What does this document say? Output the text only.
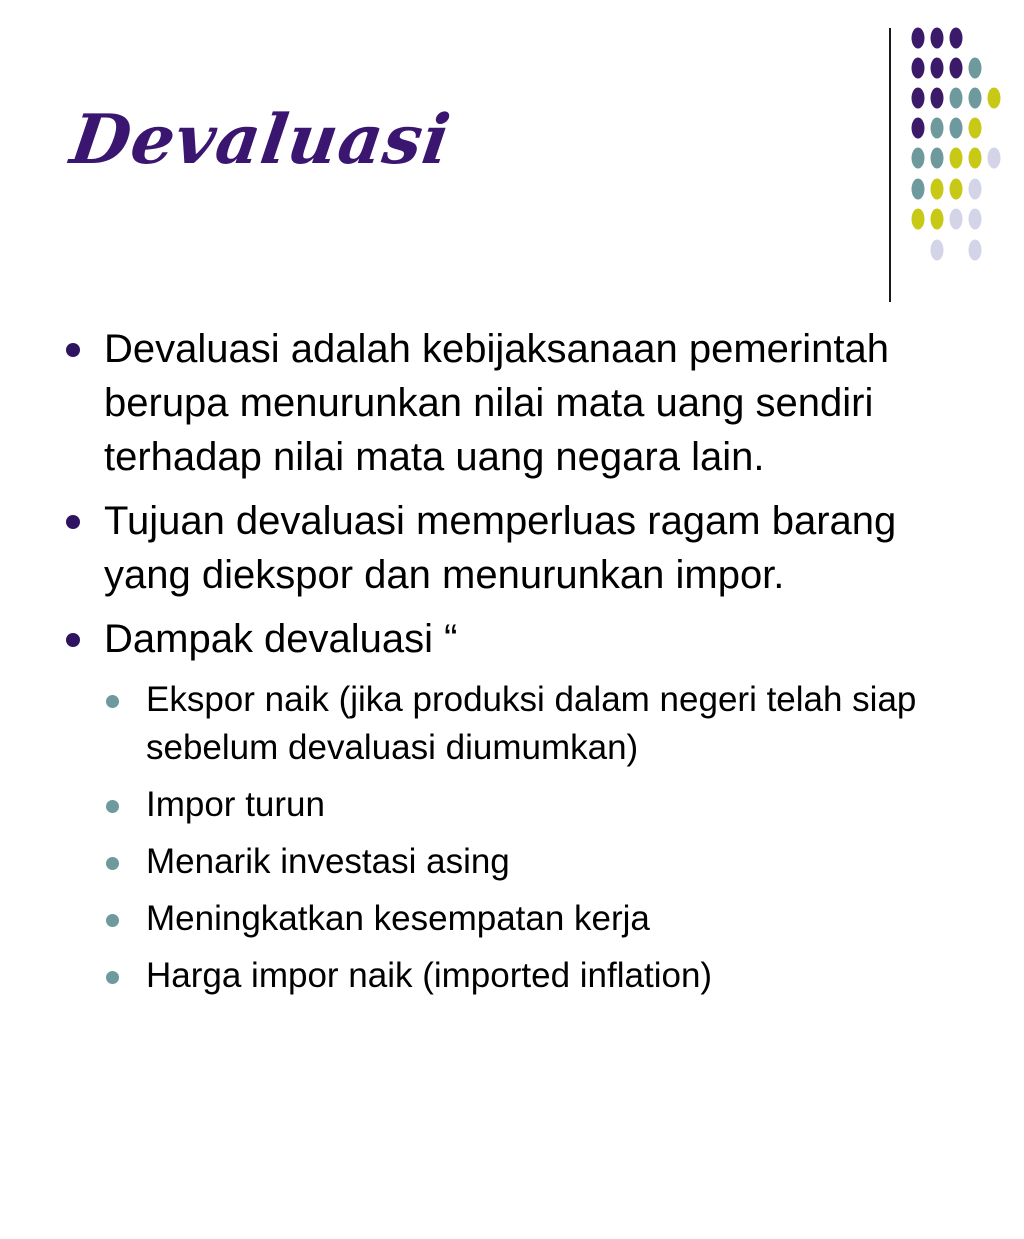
Devaluasi
Devaluasi adalah kebijaksanaan pemerintah berupa menurunkan nilai mata uang sendiri terhadap nilai mata uang negara lain.
Tujuan devaluasi memperluas ragam barang yang diekspor dan menurunkan impor.
Dampak devaluasi “
Ekspor naik (jika produksi dalam negeri telah siap sebelum devaluasi diumumkan)
Impor turun
Menarik investasi asing
Meningkatkan kesempatan kerja
Harga impor naik (imported inflation)
